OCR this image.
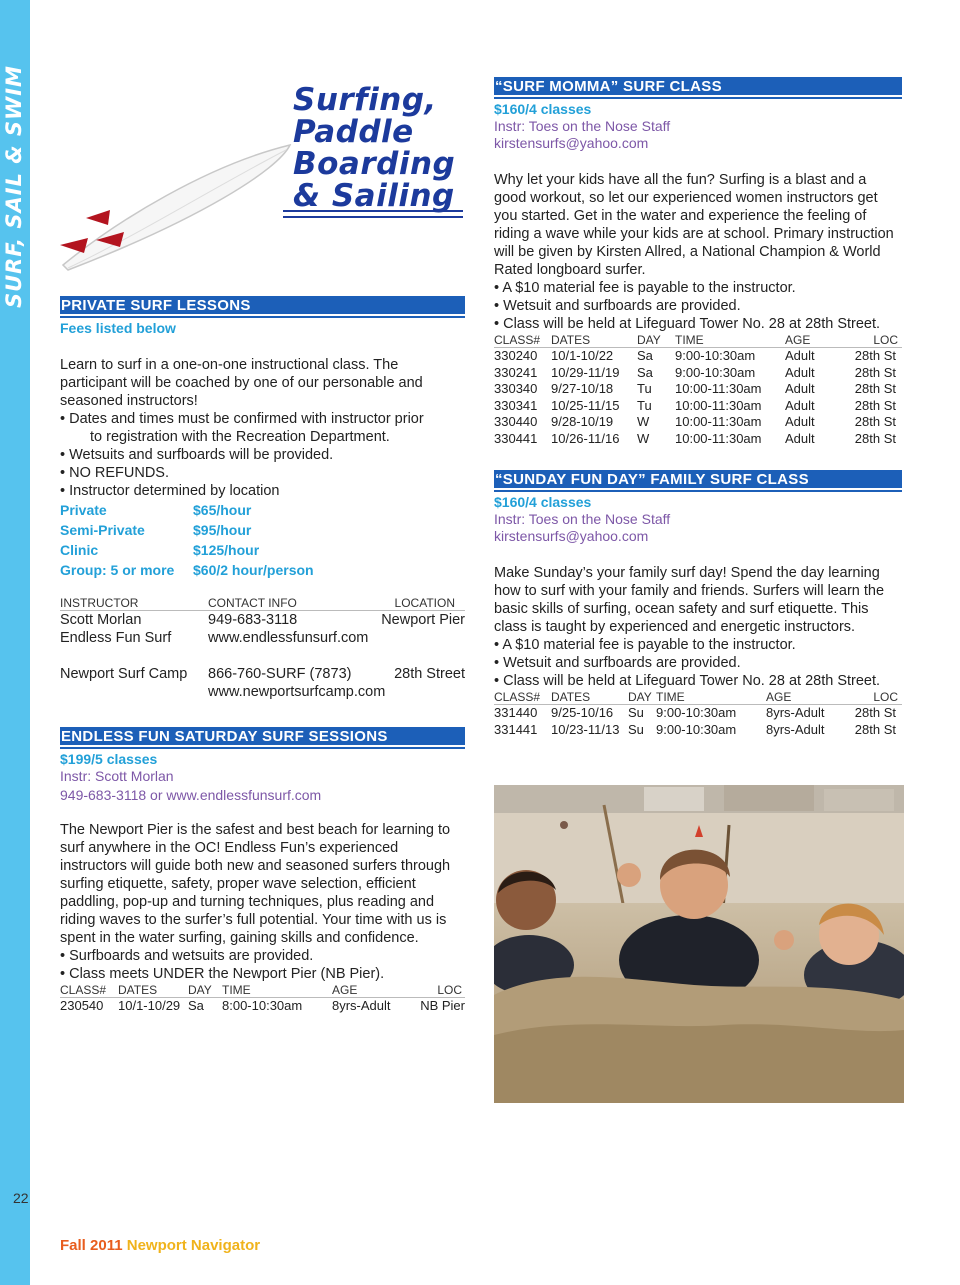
SURF, SAIL & SWIM
22
Surfing,
Paddle
Boarding
& Sailing
PRIVATE SURF LESSONS
Fees listed below
Learn to surf in a one-on-one instructional class. The participant will be coached by one of our personable and seasoned instructors!
• Dates and times must be confirmed with instructor prior
to registration with the Recreation Department.
• Wetsuits and surfboards will be provided.
• NO REFUNDS.
• Instructor determined by location
Private	$65/hour
Semi-Private	$95/hour
Clinic	$125/hour
Group: 5 or more	$60/2 hour/person
INSTRUCTOR	CONTACT INFO	LOCATION
Scott Morlan	949-683-3118	Newport Pier
Endless Fun Surf	www.endlessfunsurf.com
Newport Surf Camp	866-760-SURF (7873)	28th Street
www.newportsurfcamp.com
ENDLESS FUN SATURDAY SURF SESSIONS
$199/5 classes
Instr: Scott Morlan
949-683-3118 or www.endlessfunsurf.com
The Newport Pier is the safest and best beach for learning to surf anywhere in the OC! Endless Fun’s experienced instructors will guide both new and seasoned surfers through surfing etiquette, safety, proper wave selection, efficient paddling, pop-up and turning techniques, plus reading and riding waves to the surfer’s full potential. Your time with us is spent in the water surfing, gaining skills and confidence.
• Surfboards and wetsuits are provided.
• Class meets UNDER the Newport Pier (NB Pier).
CLASS# DATES	DAY TIME	AGE	LOC
230540	10/1-10/29 Sa	8:00-10:30am	8yrs-Adult	NB Pier
“SURF MOMMA” SURF CLASS
$160/4 classes
Instr: Toes on the Nose Staff
kirstensurfs@yahoo.com
Why let your kids have all the fun? Surfing is a blast and a good workout, so let our experienced women instructors get you started. Get in the water and experience the feeling of riding a wave while your kids are at school. Primary instruction will be given by Kirsten Allred, a National Champion & World Rated longboard surfer.
• A $10 material fee is payable to the instructor.
• Wetsuit and surfboards are provided.
• Class will be held at Lifeguard Tower No. 28 at 28th Street.
CLASS# DATES	DAY	TIME	AGE	LOC
330240	10/1-10/22	Sa	9:00-10:30am	Adult	28th St
330241	10/29-11/19	Sa	9:00-10:30am	Adult	28th St
330340	9/27-10/18	Tu	10:00-11:30am	Adult	28th St
330341	10/25-11/15	Tu	10:00-11:30am	Adult	28th St
330440	9/28-10/19	W	10:00-11:30am	Adult	28th St
330441	10/26-11/16	W	10:00-11:30am	Adult	28th St
“SUNDAY FUN DAY” FAMILY SURF CLASS
$160/4 classes
Instr: Toes on the Nose Staff
kirstensurfs@yahoo.com
Make Sunday’s your family surf day! Spend the day learning how to surf with your family and friends. Surfers will learn the basic skills of surfing, ocean safety and surf etiquette. This class is taught by experienced and energetic instructors.
• A $10 material fee is payable to the instructor.
• Wetsuit and surfboards are provided.
• Class will be held at Lifeguard Tower No. 28 at 28th Street.
CLASS# DATES	DAY TIME	AGE	LOC
331440	9/25-10/16	Su 9:00-10:30am	8yrs-Adult	28th St
331441	10/23-11/13 Su 9:00-10:30am	8yrs-Adult	28th St
Fall 2011 Newport Navigator
